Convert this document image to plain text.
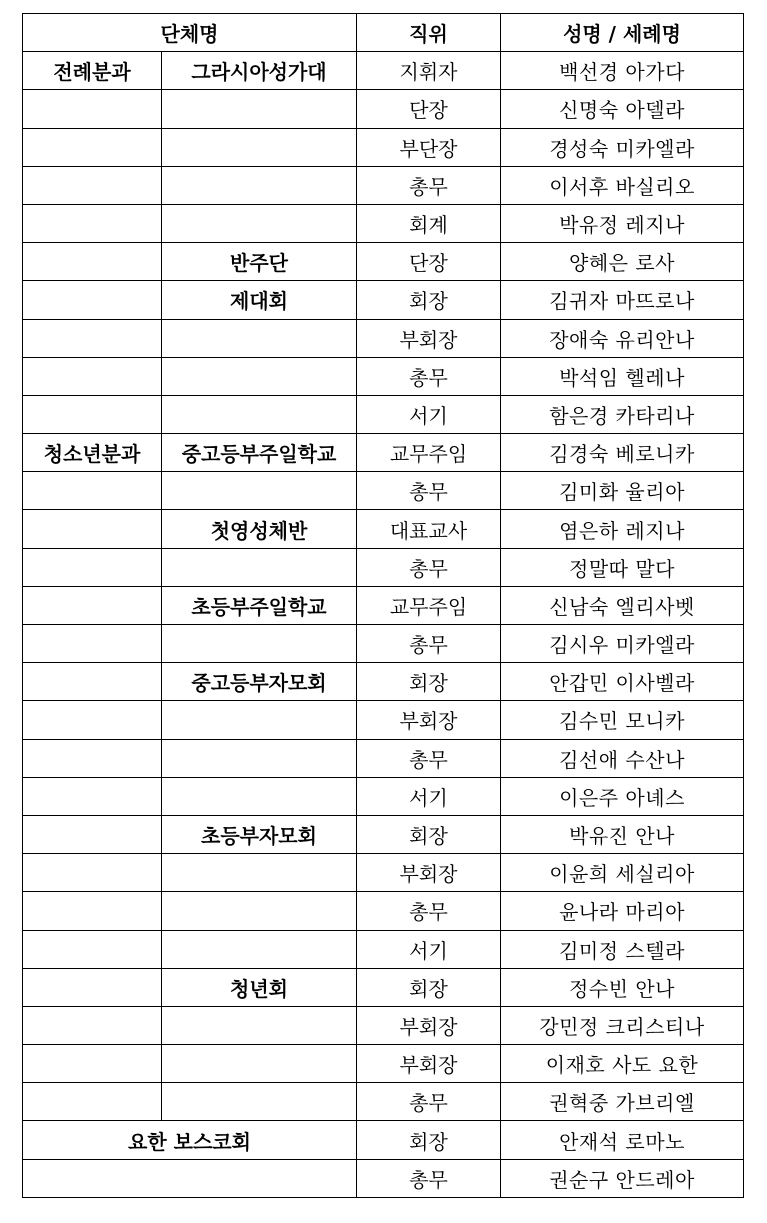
단체명		직위	성명 / 세례명
전례분과	그라시아성가대	지휘자	백선경 아가다
		단장	신명숙 아델라
		부단장	경성숙 미카엘라
		총무	이서후 바실리오
		회계	박유정 레지나
	반주단	단장	양혜은 로사
	제대회	회장	김귀자 마뜨로나
		부회장	장애숙 유리안나
		총무	박석임 헬레나
		서기	함은경 카타리나
청소년분과	중고등부주일학교	교무주임	김경숙 베로니카
		총무	김미화 율리아
	첫영성체반	대표교사	염은하 레지나
		총무	정말따 말다
	초등부주일학교	교무주임	신남숙 엘리사벳
		총무	김시우 미카엘라
	중고등부자모회	회장	안갑민 이사벨라
		부회장	김수민 모니카
		총무	김선애 수산나
		서기	이은주 아녜스
	초등부자모회	회장	박유진 안나
		부회장	이윤희 세실리아
		총무	윤나라 마리아
		서기	김미정 스텔라
	청년회	회장	정수빈 안나
		부회장	강민정 크리스티나
		부회장	이재호 사도 요한
		총무	권혁중 가브리엘
요한 보스코회		회장	안재석 로마노
		총무	권순구 안드레아
